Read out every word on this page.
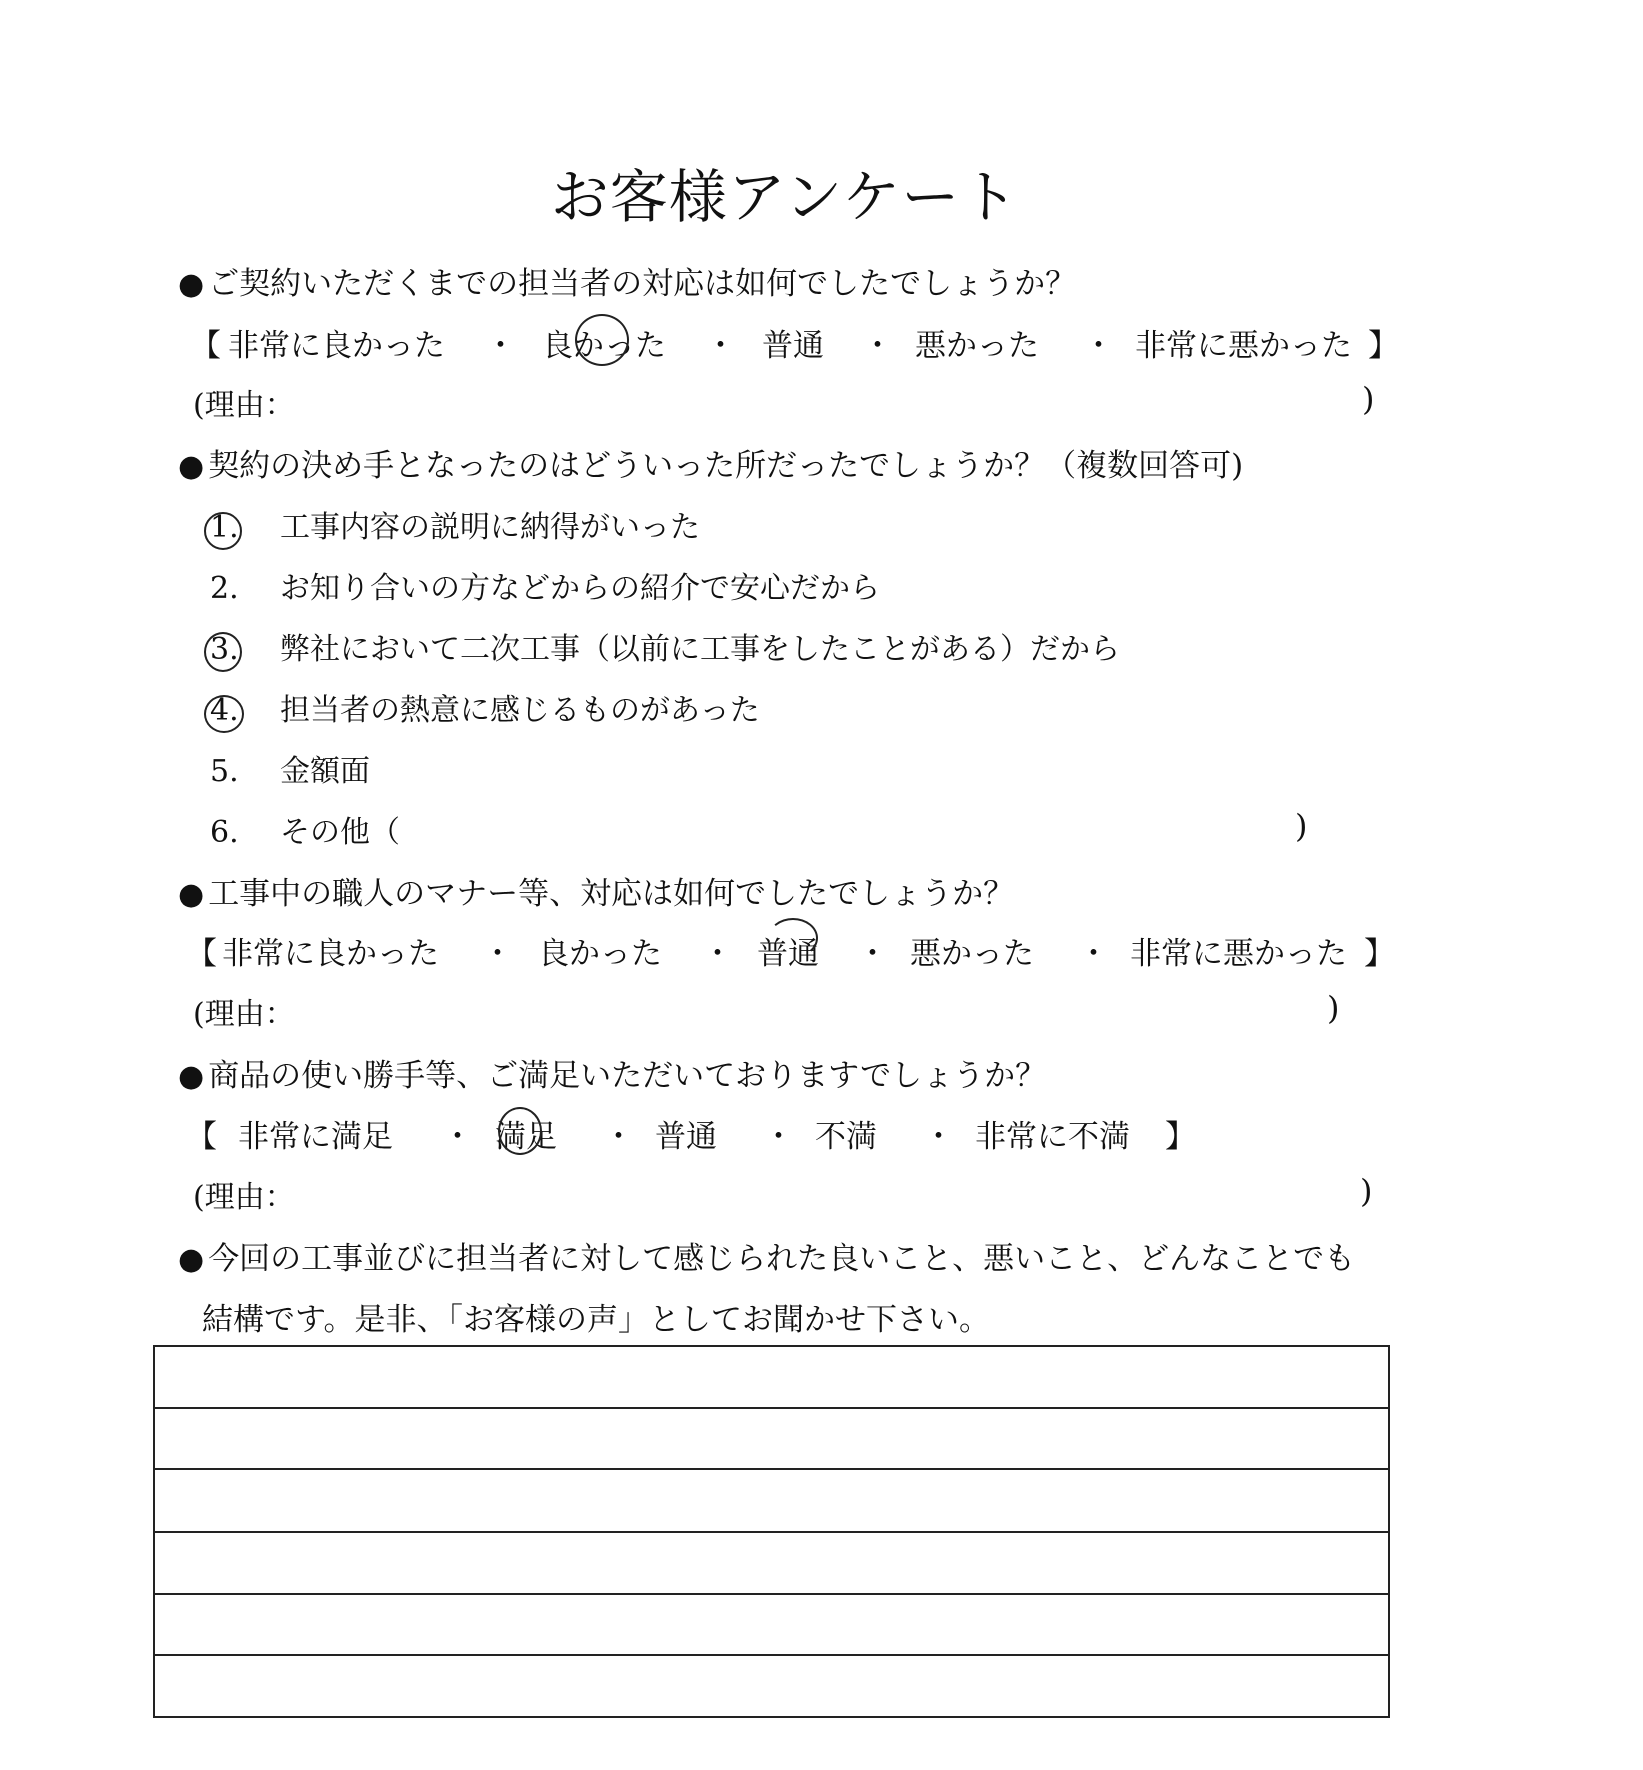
お客様アンケート
● ご契約いただくまでの担当者の対応は如何でしたでしょうか？
【 非常に良かった ・ 良かった ・ 普通 ・ 悪かった ・ 非常に悪かった 】
(理由：	)
● 契約の決め手となったのはどういった所だったでしょうか？（複数回答可)
1. 工事内容の説明に納得がいった
2. お知り合いの方などからの紹介で安心だから
3. 弊社において二次工事（以前に工事をしたことがある）だから
4. 担当者の熱意に感じるものがあった
5. 金額面
6. その他（	)
● 工事中の職人のマナー等、対応は如何でしたでしょうか？
【 非常に良かった ・ 良かった ・ 普通 ・ 悪かった ・ 非常に悪かった 】
(理由：	)
● 商品の使い勝手等、ご満足いただいておりますでしょうか？
【 非常に満足 ・ 満足 ・ 普通 ・ 不満 ・ 非常に不満 】
(理由：	)
● 今回の工事並びに担当者に対して感じられた良いこと、悪いこと、どんなことでも
結構です。是非、「お客様の声」としてお聞かせ下さい。
